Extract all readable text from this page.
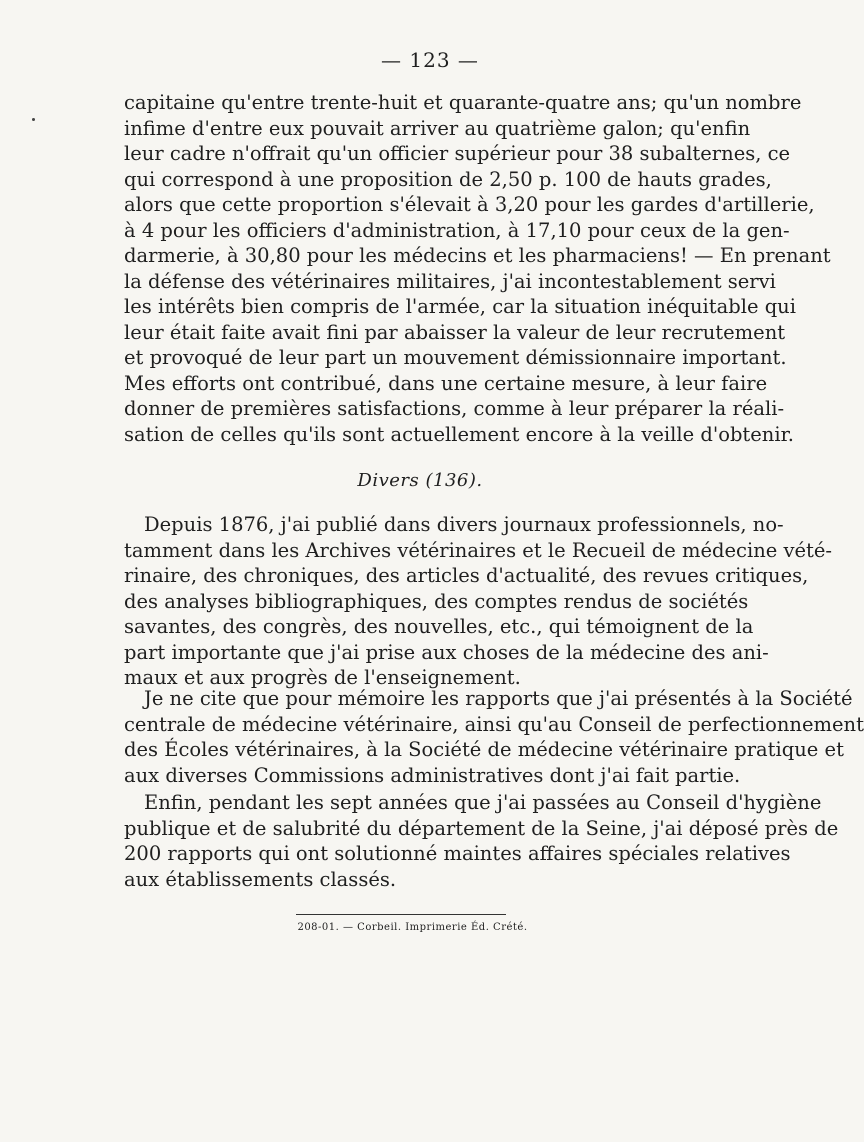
— 123 —
capitaine qu'entre trente-huit et quarante-quatre ans; qu'un nombre
infime d'entre eux pouvait arriver au quatrième galon; qu'enfin
leur cadre n'offrait qu'un officier supérieur pour 38 subalternes, ce
qui correspond à une proposition de 2,50 p. 100 de hauts grades,
alors que cette proportion s'élevait à 3,20 pour les gardes d'artillerie,
à 4 pour les officiers d'administration, à 17,10 pour ceux de la gen-
darmerie, à 30,80 pour les médecins et les pharmaciens! — En prenant
la défense des vétérinaires militaires, j'ai incontestablement servi
les intérêts bien compris de l'armée, car la situation inéquitable qui
leur était faite avait fini par abaisser la valeur de leur recrutement
et provoqué de leur part un mouvement démissionnaire important.
Mes efforts ont contribué, dans une certaine mesure, à leur faire
donner de premières satisfactions, comme à leur préparer la réali-
sation de celles qu'ils sont actuellement encore à la veille d'obtenir.
Divers (136).
Depuis 1876, j'ai publié dans divers journaux professionnels, no-
tamment dans les Archives vétérinaires et le Recueil de médecine vété-
rinaire, des chroniques, des articles d'actualité, des revues critiques,
des analyses bibliographiques, des comptes rendus de sociétés
savantes, des congrès, des nouvelles, etc., qui témoignent de la
part importante que j'ai prise aux choses de la médecine des ani-
maux et aux progrès de l'enseignement.
Je ne cite que pour mémoire les rapports que j'ai présentés à la Société
centrale de médecine vétérinaire, ainsi qu'au Conseil de perfectionnement
des Écoles vétérinaires, à la Société de médecine vétérinaire pratique et
aux diverses Commissions administratives dont j'ai fait partie.
Enfin, pendant les sept années que j'ai passées au Conseil d'hygiène
publique et de salubrité du département de la Seine, j'ai déposé près de
200 rapports qui ont solutionné maintes affaires spéciales relatives
aux établissements classés.
208-01. — Corbeil. Imprimerie Éd. Crété.
